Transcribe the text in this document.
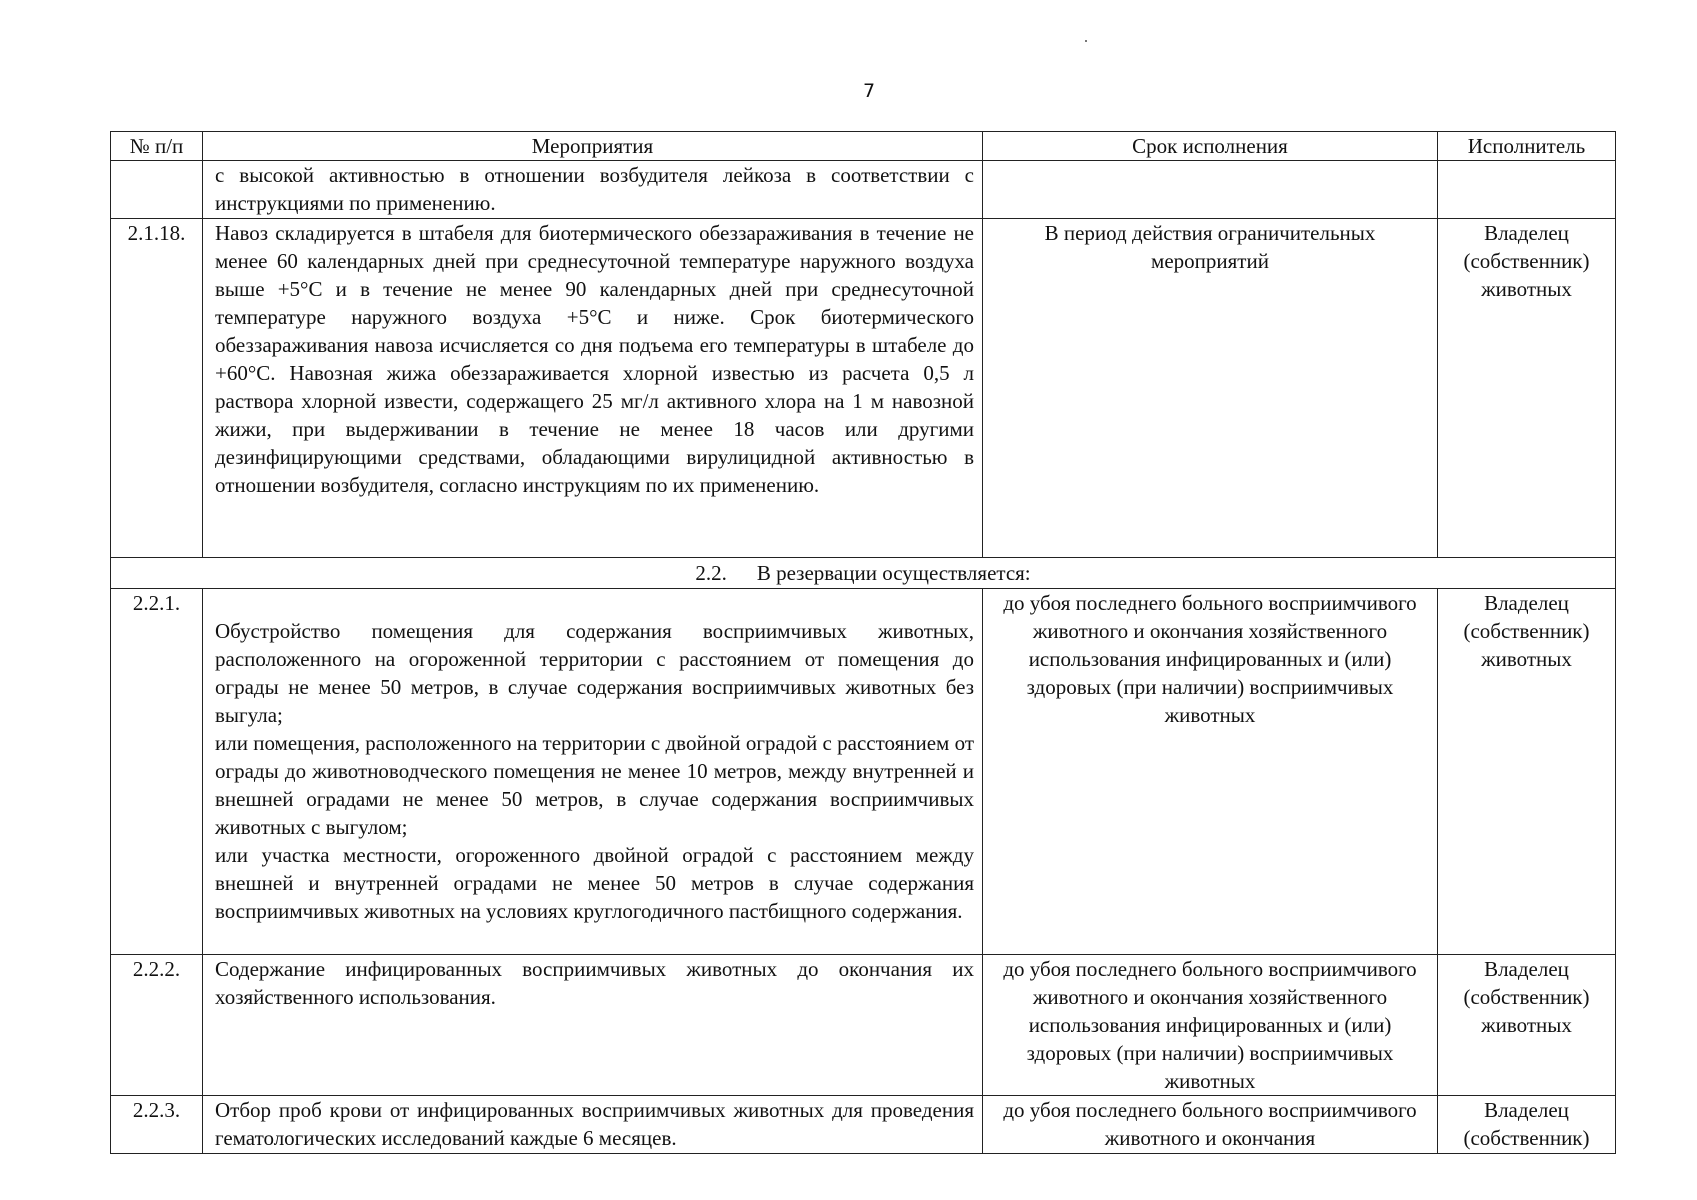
7
№ п/п	Мероприятия	Срок исполнения	Исполнитель
	с высокой активностью в отношении возбудителя лейкоза в соответствии с инструкциями по применению.		
2.1.18.	Навоз складируется в штабеля для биотермического обеззараживания в течение не менее 60 календарных дней при среднесуточной температуре наружного воздуха выше +5°С и в течение не менее 90 календарных дней при среднесуточной температуре наружного воздуха +5°С и ниже. Срок биотермического обеззараживания навоза исчисляется со дня подъема его температуры в штабеле до +60°С. Навозная жижа обеззараживается хлорной известью из расчета 0,5 л раствора хлорной извести, содержащего 25 мг/л активного хлора на 1 м навозной жижи, при выдерживании в течение не менее 18 часов или другими дезинфицирующими средствами, обладающими вирулицидной активностью в отношении возбудителя, согласно инструкциям по их применению.	В период действия ограничительных мероприятий	Владелец (собственник) животных
2.2. В резервации осуществляется:			
2.2.1.	Обустройство помещения для содержания восприимчивых животных, расположенного на огороженной территории с расстоянием от помещения до ограды не менее 50 метров, в случае содержания восприимчивых животных без выгула;

или помещения, расположенного на территории с двойной оградой с расстоянием от ограды до животноводческого помещения не менее 10 метров, между внутренней и внешней оградами не менее 50 метров, в случае содержания восприимчивых животных с выгулом;

или участка местности, огороженного двойной оградой с расстоянием между внешней и внутренней оградами не менее 50 метров в случае содержания восприимчивых животных на условиях круглогодичного пастбищного содержания.	до убоя последнего больного восприимчивого животного и окончания хозяйственного использования инфицированных и (или) здоровых (при наличии) восприимчивых животных	Владелец (собственник) животных
2.2.2.	Содержание инфицированных восприимчивых животных до окончания их хозяйственного использования.	до убоя последнего больного восприимчивого животного и окончания хозяйственного использования инфицированных и (или) здоровых (при наличии) восприимчивых животных	Владелец (собственник) животных
2.2.3.	Отбор проб крови от инфицированных восприимчивых животных для проведения гематологических исследований каждые 6 месяцев.	до убоя последнего больного восприимчивого животного и окончания	Владелец (собственник)
